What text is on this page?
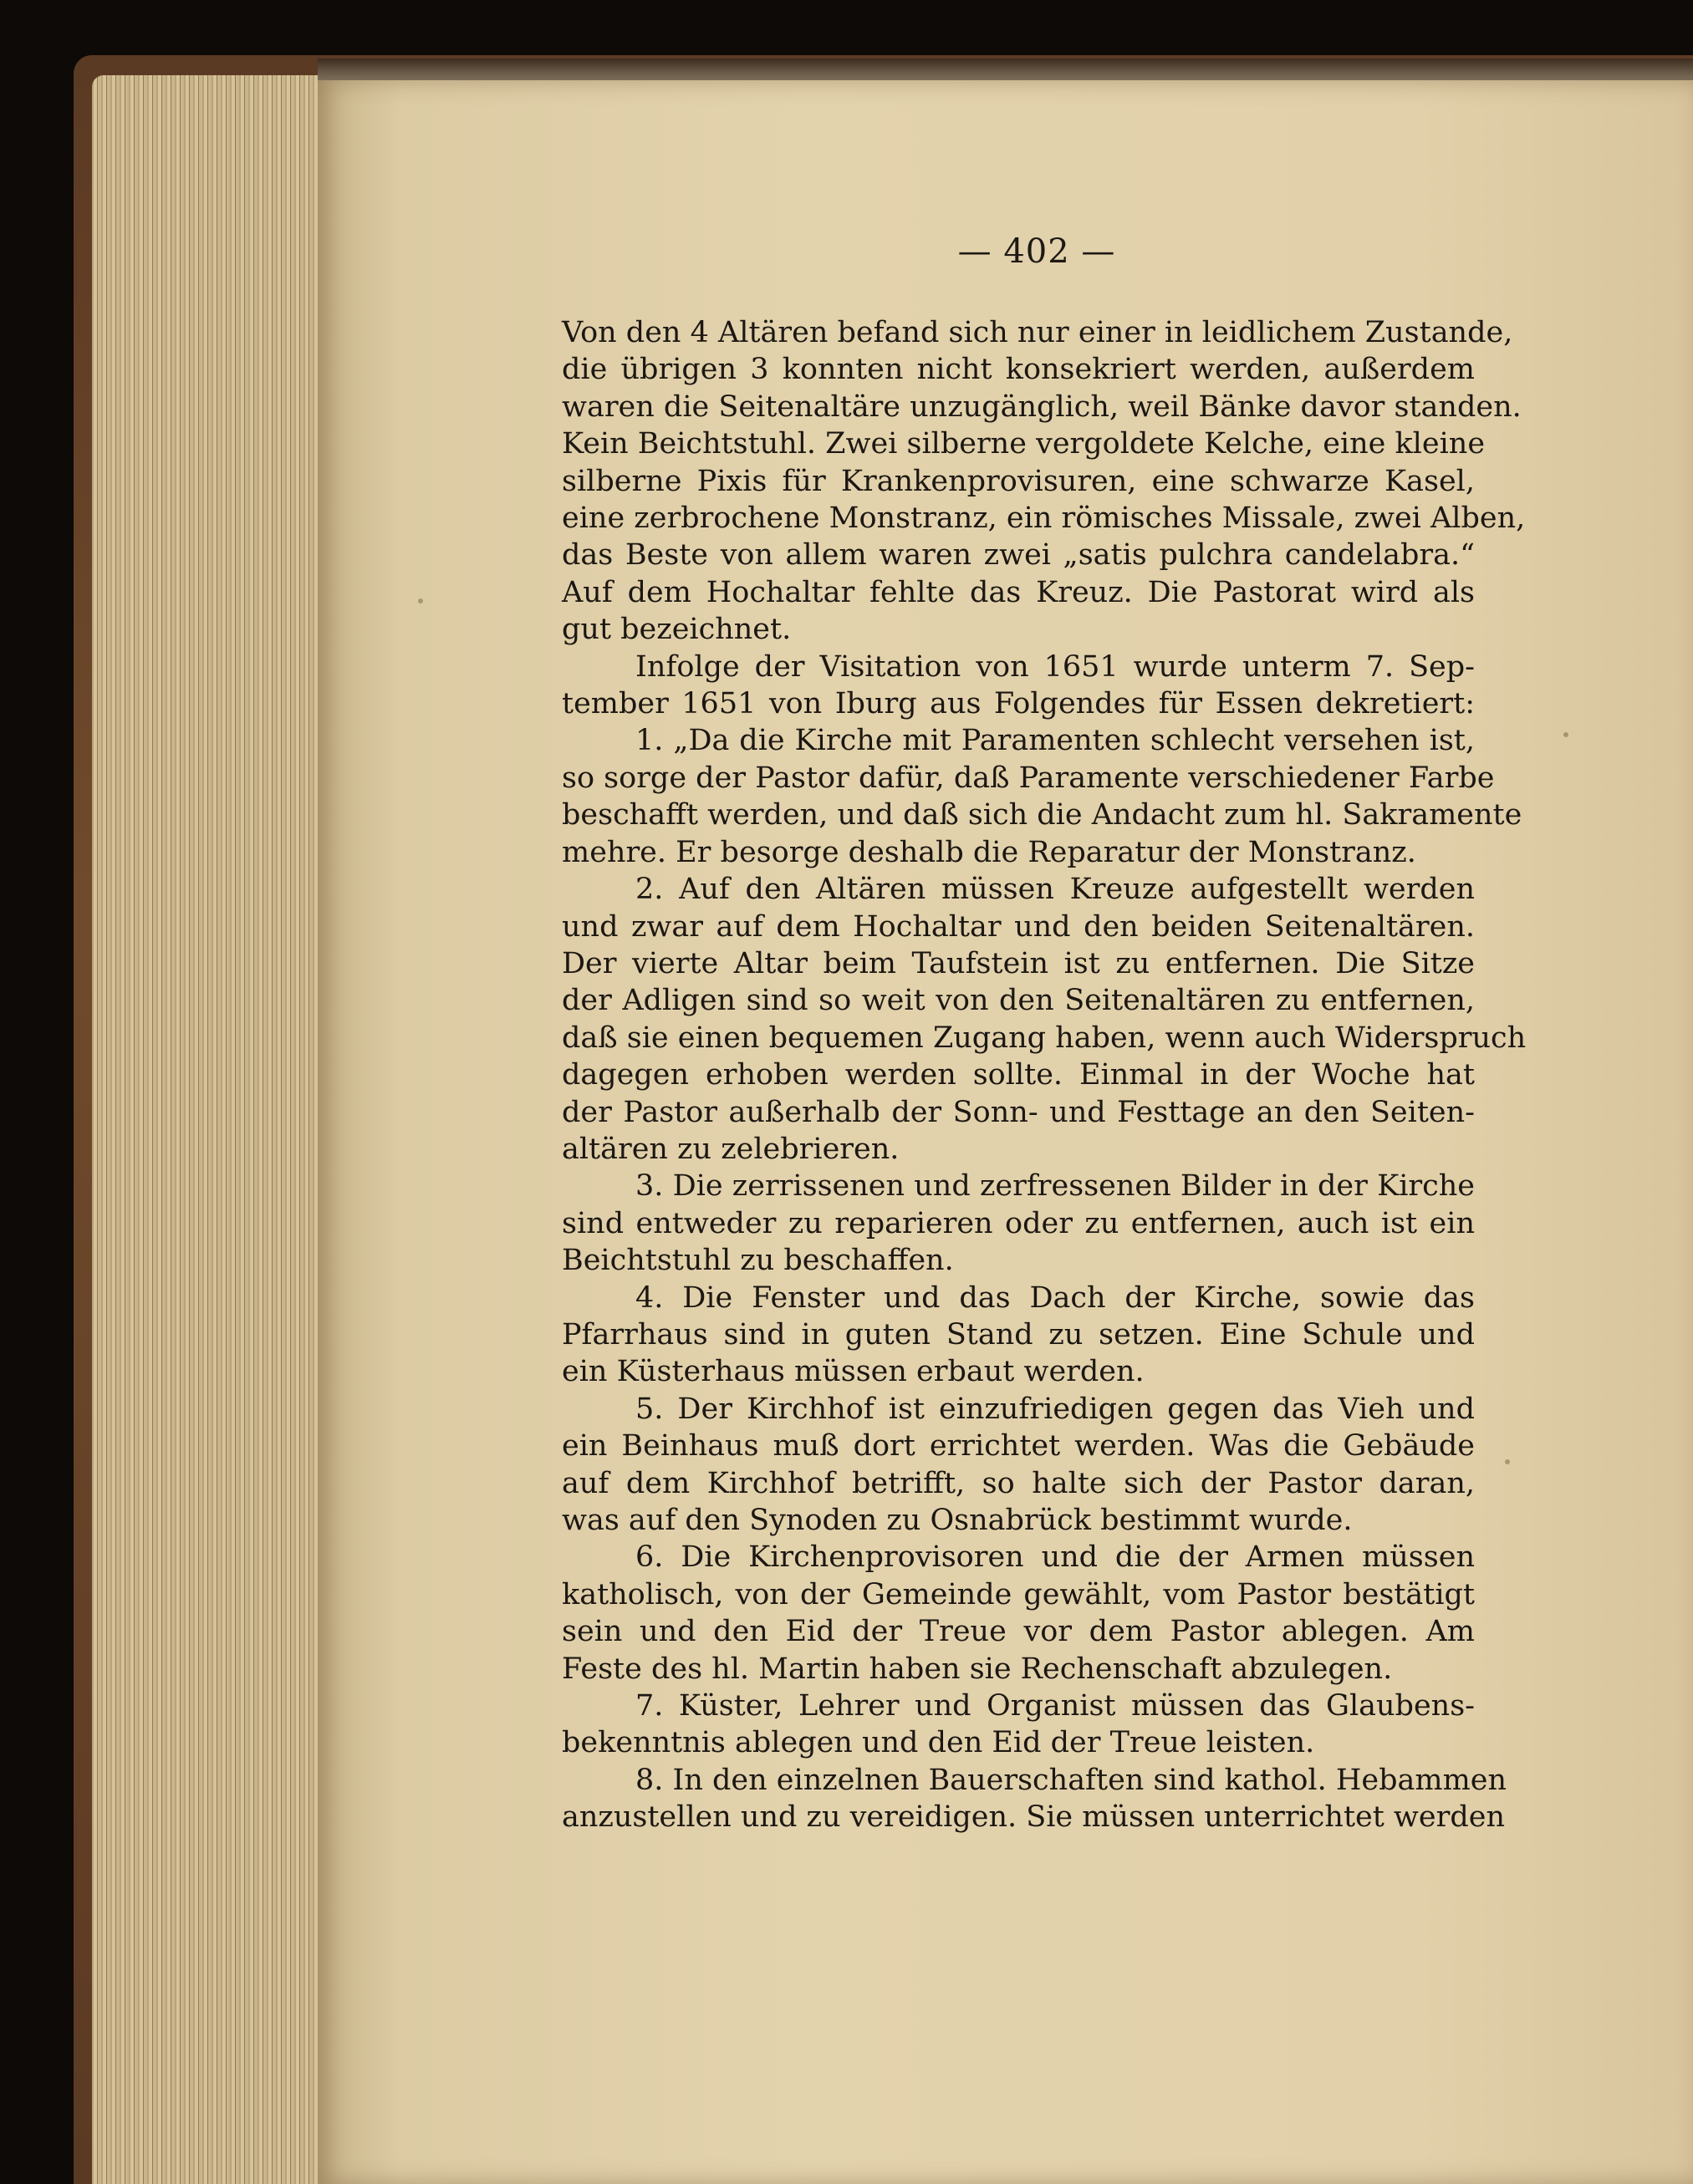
— 402 —
Von den 4 Altären befand sich nur einer in leidlichem Zustande,
die übrigen 3 konnten nicht konsekriert werden, außerdem
waren die Seitenaltäre unzugänglich, weil Bänke davor standen.
Kein Beichtstuhl. Zwei silberne vergoldete Kelche, eine kleine
silberne Pixis für Krankenprovisuren, eine schwarze Kasel,
eine zerbrochene Monstranz, ein römisches Missale, zwei Alben,
das Beste von allem waren zwei „satis pulchra candelabra.“
Auf dem Hochaltar fehlte das Kreuz. Die Pastorat wird als
gut bezeichnet.
Infolge der Visitation von 1651 wurde unterm 7. Sep-
tember 1651 von Iburg aus Folgendes für Essen dekretiert:
1. „Da die Kirche mit Paramenten schlecht versehen ist,
so sorge der Pastor dafür, daß Paramente verschiedener Farbe
beschafft werden, und daß sich die Andacht zum hl. Sakramente
mehre. Er besorge deshalb die Reparatur der Monstranz.
2. Auf den Altären müssen Kreuze aufgestellt werden
und zwar auf dem Hochaltar und den beiden Seitenaltären.
Der vierte Altar beim Taufstein ist zu entfernen. Die Sitze
der Adligen sind so weit von den Seitenaltären zu entfernen,
daß sie einen bequemen Zugang haben, wenn auch Widerspruch
dagegen erhoben werden sollte. Einmal in der Woche hat
der Pastor außerhalb der Sonn- und Festtage an den Seiten-
altären zu zelebrieren.
3. Die zerrissenen und zerfressenen Bilder in der Kirche
sind entweder zu reparieren oder zu entfernen, auch ist ein
Beichtstuhl zu beschaffen.
4. Die Fenster und das Dach der Kirche, sowie das
Pfarrhaus sind in guten Stand zu setzen. Eine Schule und
ein Küsterhaus müssen erbaut werden.
5. Der Kirchhof ist einzufriedigen gegen das Vieh und
ein Beinhaus muß dort errichtet werden. Was die Gebäude
auf dem Kirchhof betrifft, so halte sich der Pastor daran,
was auf den Synoden zu Osnabrück bestimmt wurde.
6. Die Kirchenprovisoren und die der Armen müssen
katholisch, von der Gemeinde gewählt, vom Pastor bestätigt
sein und den Eid der Treue vor dem Pastor ablegen. Am
Feste des hl. Martin haben sie Rechenschaft abzulegen.
7. Küster, Lehrer und Organist müssen das Glaubens-
bekenntnis ablegen und den Eid der Treue leisten.
8. In den einzelnen Bauerschaften sind kathol. Hebammen
anzustellen und zu vereidigen. Sie müssen unterrichtet werden
